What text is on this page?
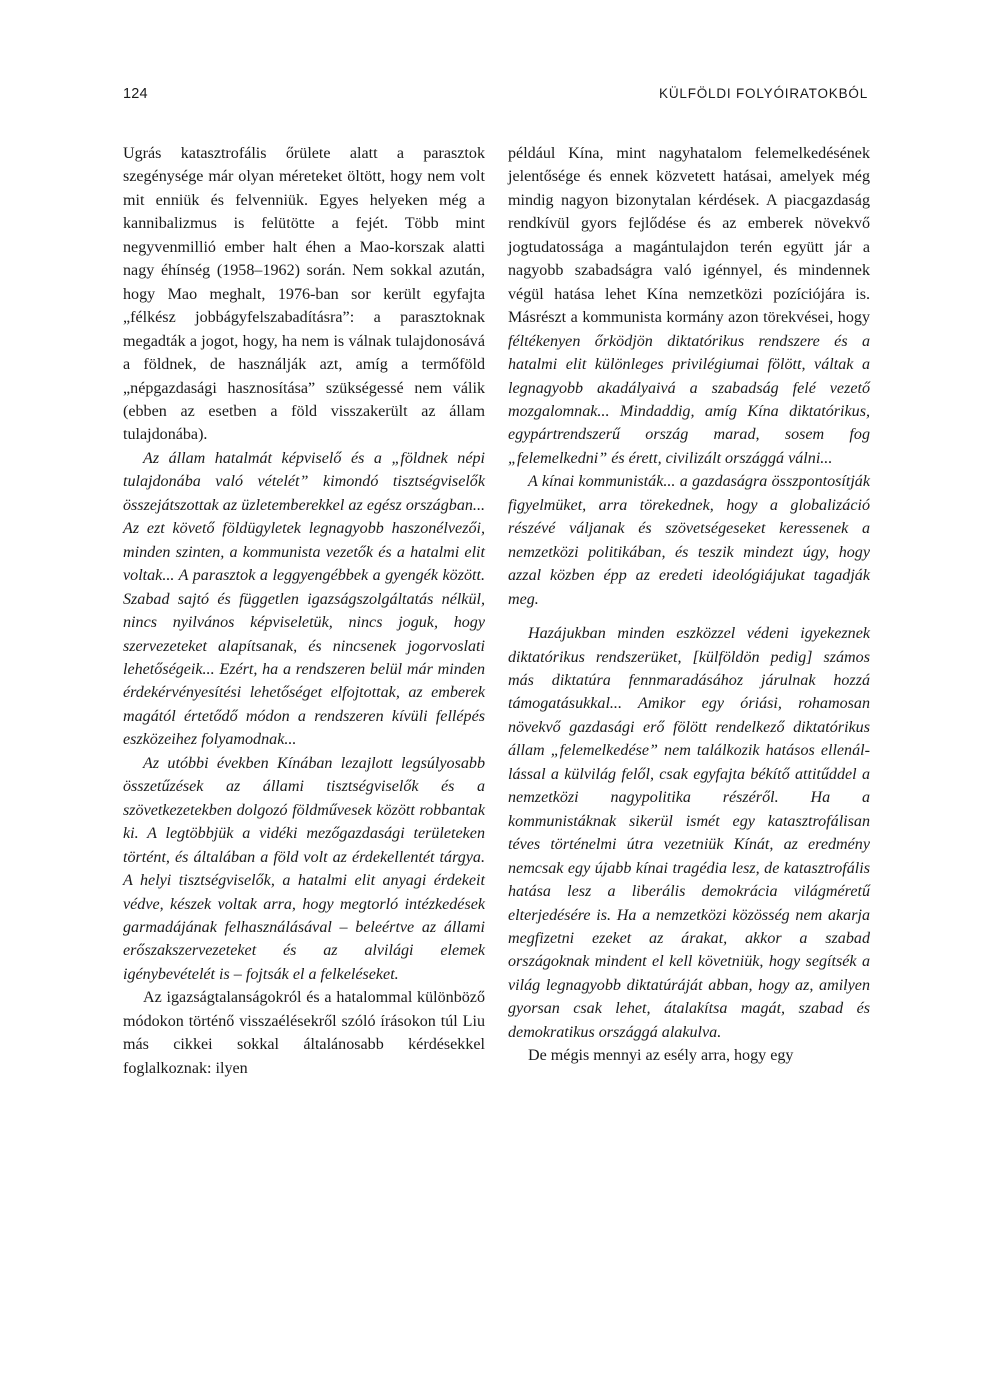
124	KÜLFÖLDI FOLYÓIRATOKBÓL

Ugrás katasztrofális őrülete alatt a parasztok szegénysége már olyan méreteket öltött, hogy nem volt mit enniük és felvenniük. Egyes helyeken még a kannibalizmus is felütötte a fejét. Több mint negyvenmillió ember halt éhen a Mao-korszak alatti nagy éhínség (1958–1962) során. Nem sokkal azután, hogy Mao meghalt, 1976-ban sor került egyfajta „félkész jobbágyfelszabadításra”: a parasztoknak megadták a jogot, hogy, ha nem is válnak tulajdonosává a földnek, de használják azt, amíg a termőföld „népgazdasági hasznosítása” szükségessé nem válik (ebben az esetben a föld visszakerült az állam tulajdonába).

Az állam hatalmát képviselő és a „földnek népi tulajdonába való vételét” kimondó tisztségviselők összejátszottak az üzletemberekkel az egész országban... Az ezt követő földügyletek legnagyobb haszonélvezői, minden szinten, a kommunista vezetők és a hatalmi elit voltak... A parasztok a leggyengébbek a gyengék között. Szabad sajtó és független igazságszolgáltatás nélkül, nincs nyilvános képviseletük, nincs joguk, hogy szervezeteket alapítsanak, és nincsenek jogorvoslati lehetőségeik... Ezért, ha a rendszeren belül már minden érdekérvényesítési lehetőséget elfojtottak, az emberek magától értetődő módon a rendszeren kívüli fellépés eszközeihez folyamodnak...

Az utóbbi években Kínában lezajlott legsúlyosabb összetűzések az állami tisztségviselők és a szövetkezetekben dolgozó földművesek között robbantak ki. A legtöbbjük a vidéki mezőgazdasági területeken történt, és általában a föld volt az érdekellentét tárgya. A helyi tisztségviselők, a hatalmi elit anyagi érdekeit védve, készek voltak arra, hogy megtorló intézkedések garmadájának felhasználásával – beleértve az állami erőszakszervezeteket és az alvilági elemek igénybevételét is – fojtsák el a felkeléseket.

Az igazságtalanságokról és a hatalommal különböző módokon történő visszaélésekről szóló írásokon túl Liu más cikkei sokkal általánosabb kérdésekkel foglalkoznak: ilyen

például Kína, mint nagyhatalom felemelkedésének jelentősége és ennek közvetett hatásai, amelyek még mindig nagyon bizonytalan kérdések. A piacgazdaság rendkívül gyors fejlődése és az emberek növekvő jogtudatossága a magántulajdon terén együtt jár a nagyobb szabadságra való igénnyel, és mindennek végül hatása lehet Kína nemzetközi pozíciójára is. Másrészt a kommunista kormány azon törekvései, hogy féltékenyen őrködjön diktatórikus rendszere és a hatalmi elit különleges privilégiumai fölött, váltak a legnagyobb akadályaivá a szabadság felé vezető mozgalomnak... Mindaddig, amíg Kína diktatórikus, egypártrendszerű ország marad, sosem fog „felemelkedni” és érett, civilizált országgá válni...

A kínai kommunisták... a gazdaságra összpontosítják figyelmüket, arra törekednek, hogy a globalizáció részévé váljanak és szövetségeseket keressenek a nemzetközi politikában, és teszik mindezt úgy, hogy azzal közben épp az eredeti ideológiájukat tagadják meg.

Hazájukban minden eszközzel védeni igyekeznek diktatórikus rendszerüket, [külföldön pedig] számos más diktatúra fennmaradásához járulnak hozzá támogatásukkal... Amikor egy óriási, rohamosan növekvő gazdasági erő fölött rendelkező diktatórikus állam „felemelkedése” nem találkozik hatásos ellenállással a külvilág felől, csak egyfajta békítő attitűddel a nemzetközi nagypolitika részéről. Ha a kommunistáknak sikerül ismét egy katasztrofálisan téves történelmi útra vezetniük Kínát, az eredmény nemcsak egy újabb kínai tragédia lesz, de katasztrofális hatása lesz a liberális demokrácia világméretű elterjedésére is. Ha a nemzetközi közösség nem akarja megfizetni ezeket az árakat, akkor a szabad országoknak mindent el kell követniük, hogy segítsék a világ legnagyobb diktatúráját abban, hogy az, amilyen gyorsan csak lehet, átalakítsa magát, szabad és demokratikus országgá alakulva.

De mégis mennyi az esély arra, hogy egy
